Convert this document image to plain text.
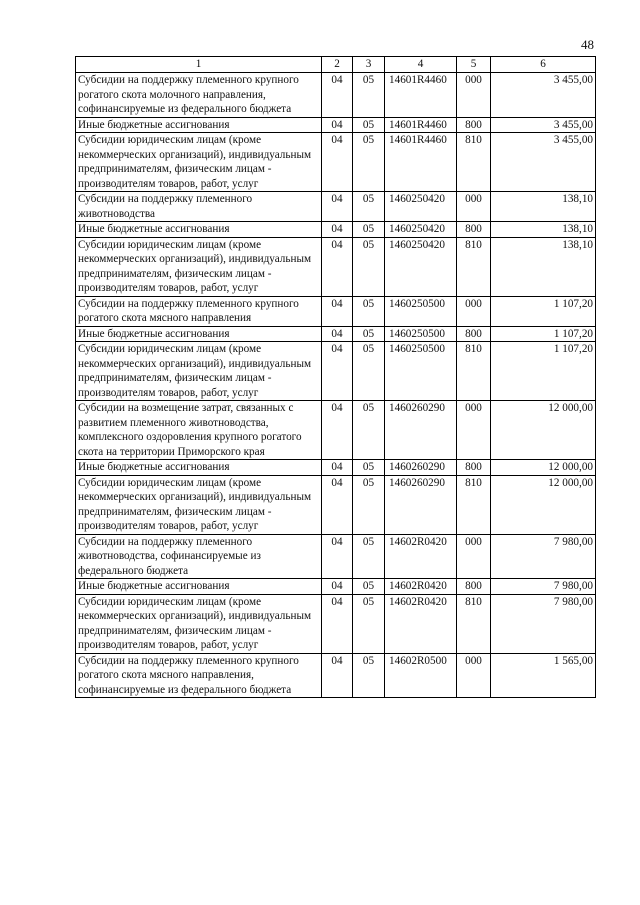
48
1	2	3	4	5	6
Субсидии на поддержку племенного крупного рогатого скота молочного направления, софинансируемые из федерального бюджета	04	05	14601R4460	000	3 455,00
Иные бюджетные ассигнования	04	05	14601R4460	800	3 455,00
Субсидии юридическим лицам (кроме некоммерческих организаций), индивидуальным предпринимателям, физическим лицам - производителям товаров, работ, услуг	04	05	14601R4460	810	3 455,00
Субсидии на поддержку племенного животноводства	04	05	1460250420	000	138,10
Иные бюджетные ассигнования	04	05	1460250420	800	138,10
Субсидии юридическим лицам (кроме некоммерческих организаций), индивидуальным предпринимателям, физическим лицам - производителям товаров, работ, услуг	04	05	1460250420	810	138,10
Субсидии на поддержку племенного крупного рогатого скота мясного направления	04	05	1460250500	000	1 107,20
Иные бюджетные ассигнования	04	05	1460250500	800	1 107,20
Субсидии юридическим лицам (кроме некоммерческих организаций), индивидуальным предпринимателям, физическим лицам - производителям товаров, работ, услуг	04	05	1460250500	810	1 107,20
Субсидии на возмещение затрат, связанных с развитием племенного животноводства, комплексного оздоровления крупного рогатого скота на территории Приморского края	04	05	1460260290	000	12 000,00
Иные бюджетные ассигнования	04	05	1460260290	800	12 000,00
Субсидии юридическим лицам (кроме некоммерческих организаций), индивидуальным предпринимателям, физическим лицам - производителям товаров, работ, услуг	04	05	1460260290	810	12 000,00
Субсидии на поддержку племенного животноводства, софинансируемые из федерального бюджета	04	05	14602R0420	000	7 980,00
Иные бюджетные ассигнования	04	05	14602R0420	800	7 980,00
Субсидии юридическим лицам (кроме некоммерческих организаций), индивидуальным предпринимателям, физическим лицам - производителям товаров, работ, услуг	04	05	14602R0420	810	7 980,00
Субсидии на поддержку племенного крупного рогатого скота мясного направления, софинансируемые из федерального бюджета	04	05	14602R0500	000	1 565,00
